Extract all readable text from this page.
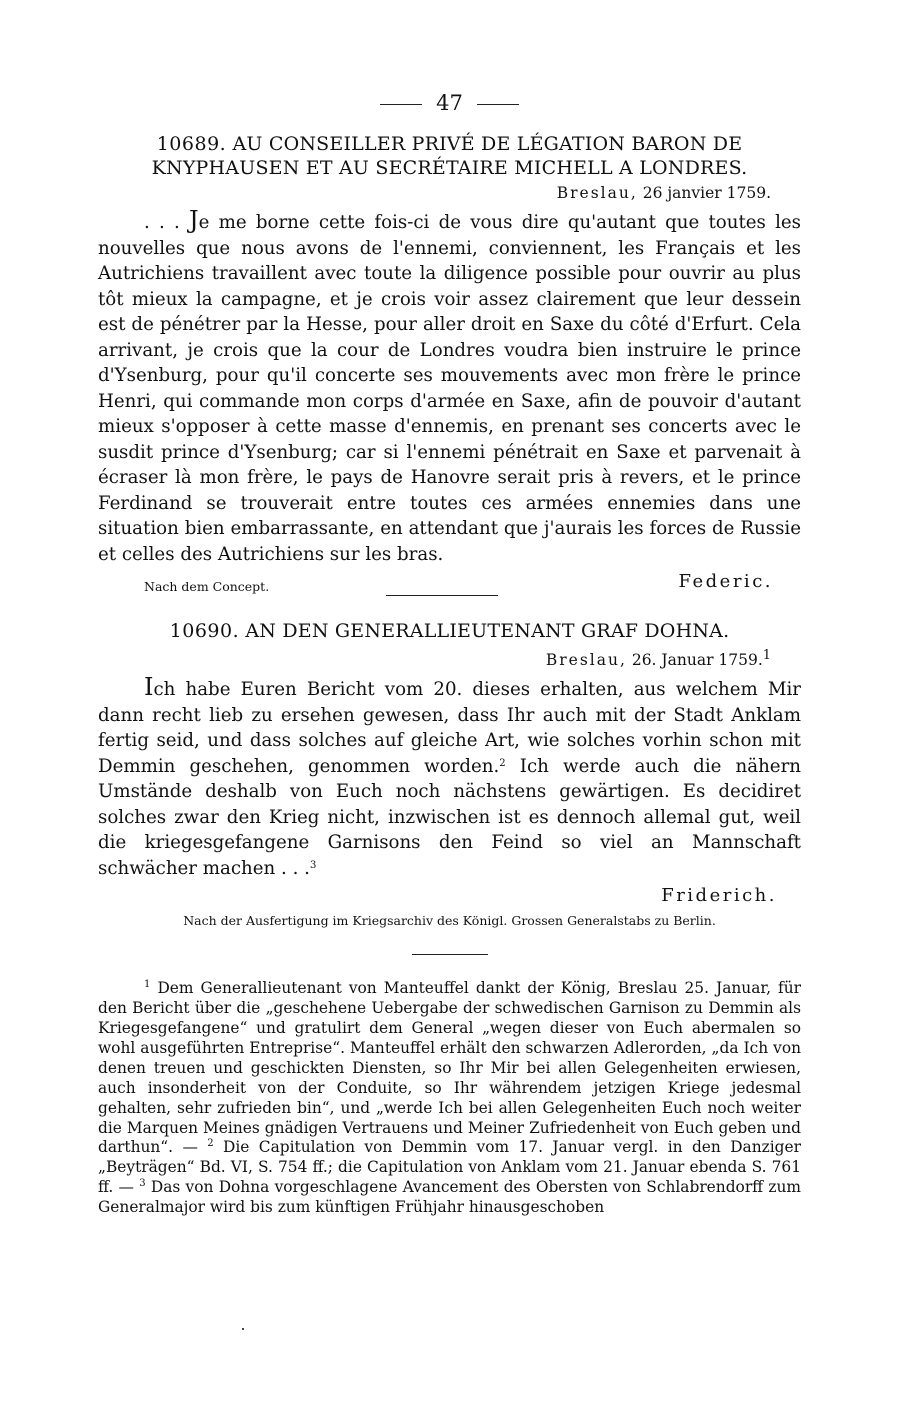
47
10689. AU CONSEILLER PRIVÉ DE LÉGATION BARON DE
KNYPHAUSEN ET AU SECRÉTAIRE MICHELL A LONDRES.
Breslau, 26 janvier 1759.

. . . Je me borne cette fois-ci de vous dire qu'autant que toutes les nouvelles que nous avons de l'ennemi, conviennent, les Français et les Autrichiens travaillent avec toute la diligence possible pour ouvrir au plus tôt mieux la campagne, et je crois voir assez clairement que leur dessein est de pénétrer par la Hesse, pour aller droit en Saxe du côté d'Erfurt. Cela arrivant, je crois que la cour de Londres voudra bien instruire le prince d'Ysenburg, pour qu'il concerte ses mouvements avec mon frère le prince Henri, qui commande mon corps d'armée en Saxe, afin de pouvoir d'autant mieux s'opposer à cette masse d'ennemis, en prenant ses concerts avec le susdit prince d'Ysenburg; car si l'ennemi pénétrait en Saxe et parvenait à écraser là mon frère, le pays de Hanovre serait pris à revers, et le prince Ferdinand se trouverait entre toutes ces armées ennemies dans une situation bien embarrassante, en attendant que j'aurais les forces de Russie et celles des Autrichiens sur les bras.

Nach dem Concept.	Federic.
10690. AN DEN GENERALLIEUTENANT GRAF DOHNA.
Breslau, 26. Januar 1759.$^1$

Ich habe Euren Bericht vom 20. dieses erhalten, aus welchem Mir dann recht lieb zu ersehen gewesen, dass Ihr auch mit der Stadt Anklam fertig seid, und dass solches auf gleiche Art, wie solches vorhin schon mit Demmin geschehen, genommen worden.$^2$ Ich werde auch die nähern Umstände deshalb von Euch noch nächstens gewärtigen. Es decidiret solches zwar den Krieg nicht, inzwischen ist es dennoch allemal gut, weil die kriegesgefangene Garnisons den Feind so viel an Mannschaft schwächer machen . . .$^3$

Friderich.
Nach der Ausfertigung im Kriegsarchiv des Königl. Grossen Generalstabs zu Berlin.

$^1$ Dem Generallieutenant von Manteuffel dankt der König, Breslau 25. Januar, für den Bericht über die „geschehene Uebergabe der schwedischen Garnison zu Demmin als Kriegesgefangene“ und gratulirt dem General „wegen dieser von Euch abermalen so wohl ausgeführten Entreprise“. Manteuffel erhält den schwarzen Adlerorden, „da Ich von denen treuen und geschickten Diensten, so Ihr Mir bei allen Gelegenheiten erwiesen, auch insonderheit von der Conduite, so Ihr währendem jetzigen Kriege jedesmal gehalten, sehr zufrieden bin“, und „werde Ich bei allen Gelegenheiten Euch noch weiter die Marquen Meines gnädigen Vertrauens und Meiner Zufriedenheit von Euch geben und darthun“. — $^2$ Die Capitulation von Demmin vom 17. Januar vergl. in den Danziger „Beyträgen“ Bd. VI, S. 754 ff.; die Capitulation von Anklam vom 21. Januar ebenda S. 761 ff. — $^3$ Das von Dohna vorgeschlagene Avancement des Obersten von Schlabrendorff zum Generalmajor wird bis zum künftigen Frühjahr hinausgeschoben
